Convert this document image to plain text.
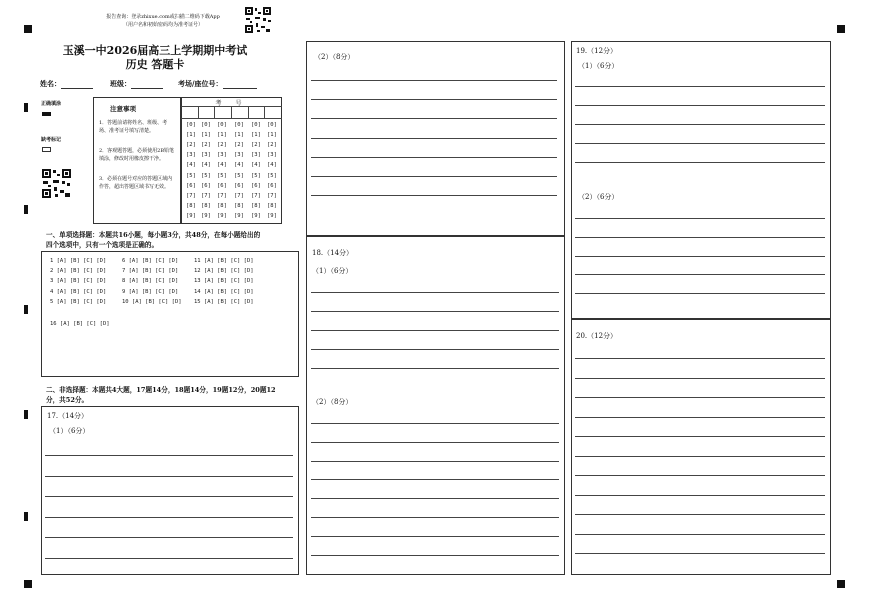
报告查询：登录zhixue.com或扫描二维码下载App
（用户名和初始密码均为准考证号）
玉溪一中2026届高三上学期期中考试
历史 答题卡
姓名：	班级：	考场/座位号：
正确填涂
缺考标记
注意事项
1．答题前请将姓名、班级、考场、准考证号填写清楚。
2．客观题答题，必须使用2B铅笔填涂，修改时用橡皮擦干净。
3．必须在题号对应的答题区域内作答，超出答题区域书写无效。
考 号
[0] [0] [0] [0] [0] [0]
[1] [1] [1] [1] [1] [1]
[2] [2] [2] [2] [2] [2]
[3] [3] [3] [3] [3] [3]
[4] [4] [4] [4] [4] [4]
[5] [5] [5] [5] [5] [5]
[6] [6] [6] [6] [6] [6]
[7] [7] [7] [7] [7] [7]
[8] [8] [8] [8] [8] [8]
[9] [9] [9] [9] [9] [9]
一、单项选择题：本题共16小题，每小题3分，共48分，在每小题给出的
四个选项中，只有一个选项是正确的。
1 [A] [B] [C] [D]
2 [A] [B] [C] [D]
3 [A] [B] [C] [D]
4 [A] [B] [C] [D]
5 [A] [B] [C] [D]
6 [A] [B] [C] [D]
7 [A] [B] [C] [D]
8 [A] [B] [C] [D]
9 [A] [B] [C] [D]
10 [A] [B] [C] [D]
11 [A] [B] [C] [D]
12 [A] [B] [C] [D]
13 [A] [B] [C] [D]
14 [A] [B] [C] [D]
15 [A] [B] [C] [D]
16 [A] [B] [C] [D]
二、非选择题：本题共4大题，17题14分，18题14分，19题12分，20题12
分，共52分。
17.（14分）
（1）（6分）
（2）（8分）
18.（14分）
（1）（6分）
（2）（8分）
19.（12分）
（1）（6分）
（2）（6分）
20.（12分）
